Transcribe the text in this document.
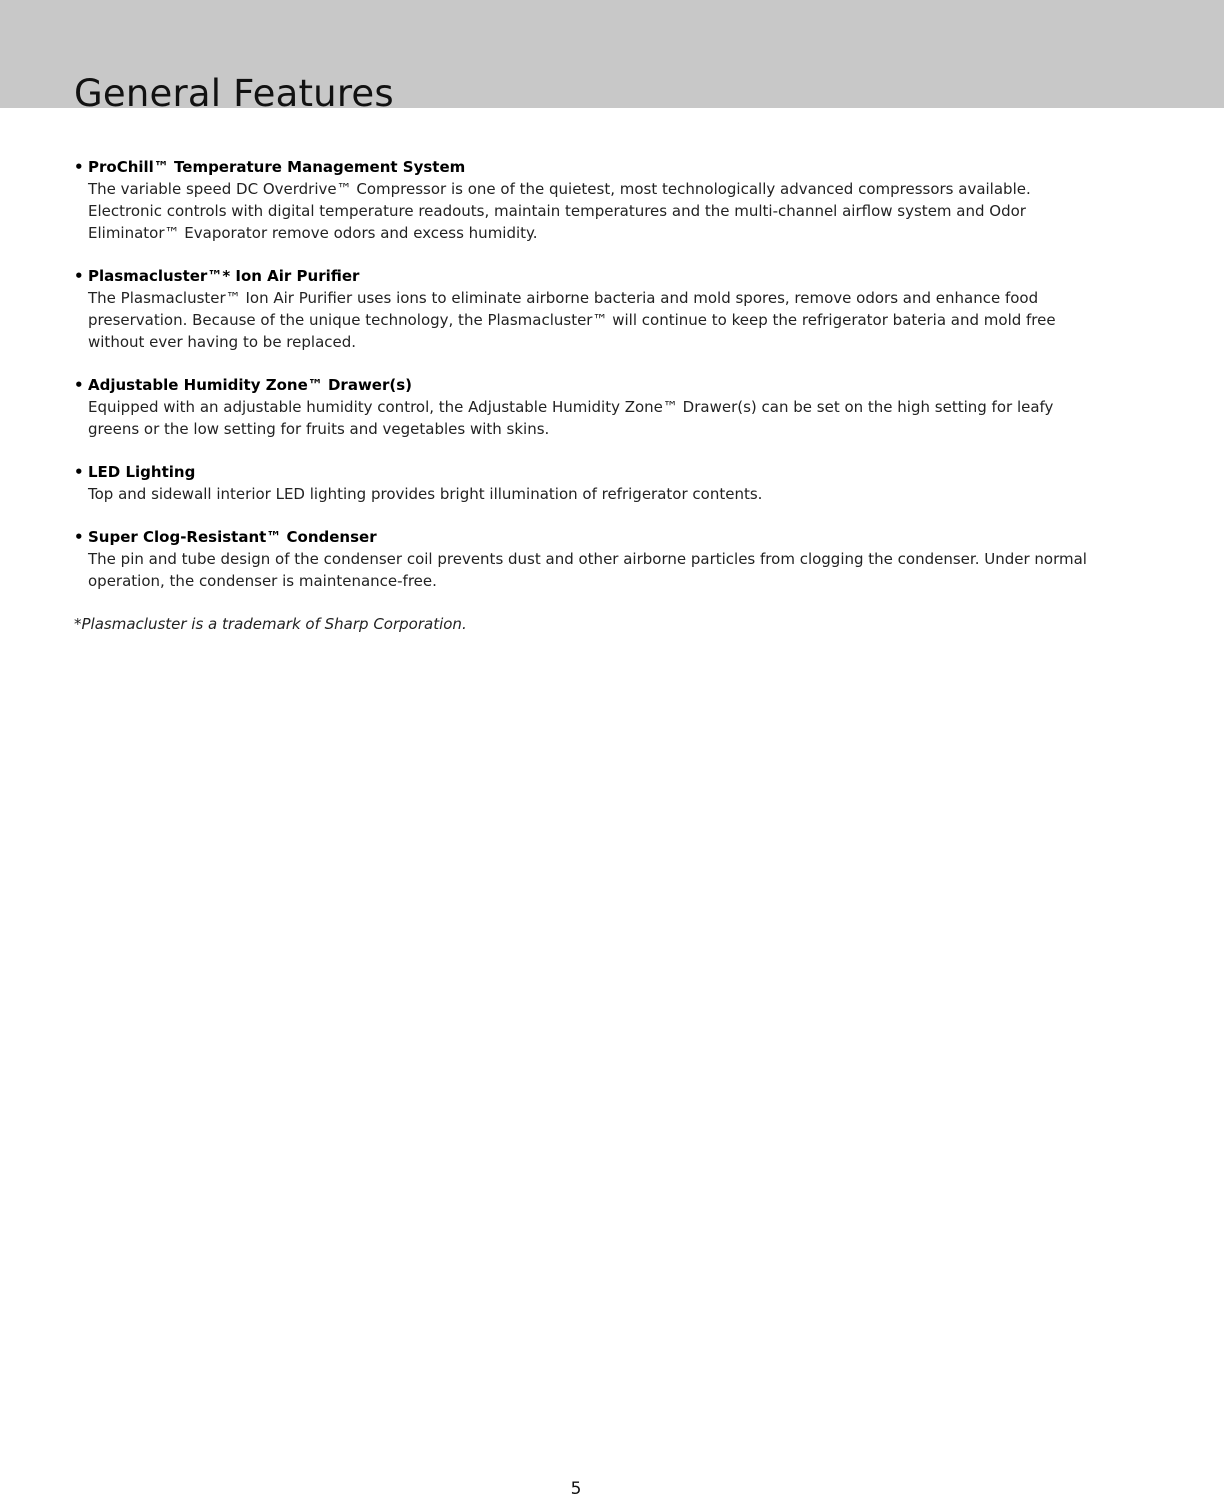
General Features
• ProChill™ Temperature Management System
The variable speed DC Overdrive™ Compressor is one of the quietest, most technologically advanced compressors available. Electronic controls with digital temperature readouts, maintain temperatures and the multi-channel airflow system and Odor Eliminator™ Evaporator remove odors and excess humidity.
• Plasmacluster™* Ion Air Purifier
The Plasmacluster™ Ion Air Purifier uses ions to eliminate airborne bacteria and mold spores, remove odors and enhance food preservation. Because of the unique technology, the Plasmacluster™ will continue to keep the refrigerator bateria and mold free without ever having to be replaced.
• Adjustable Humidity Zone™ Drawer(s)
Equipped with an adjustable humidity control, the Adjustable Humidity Zone™ Drawer(s) can be set on the high setting for leafy greens or the low setting for fruits and vegetables with skins.
• LED Lighting
Top and sidewall interior LED lighting provides bright illumination of refrigerator contents.
• Super Clog-Resistant™ Condenser
The pin and tube design of the condenser coil prevents dust and other airborne particles from clogging the condenser. Under normal operation, the condenser is maintenance-free.

*Plasmacluster is a trademark of Sharp Corporation.

5
